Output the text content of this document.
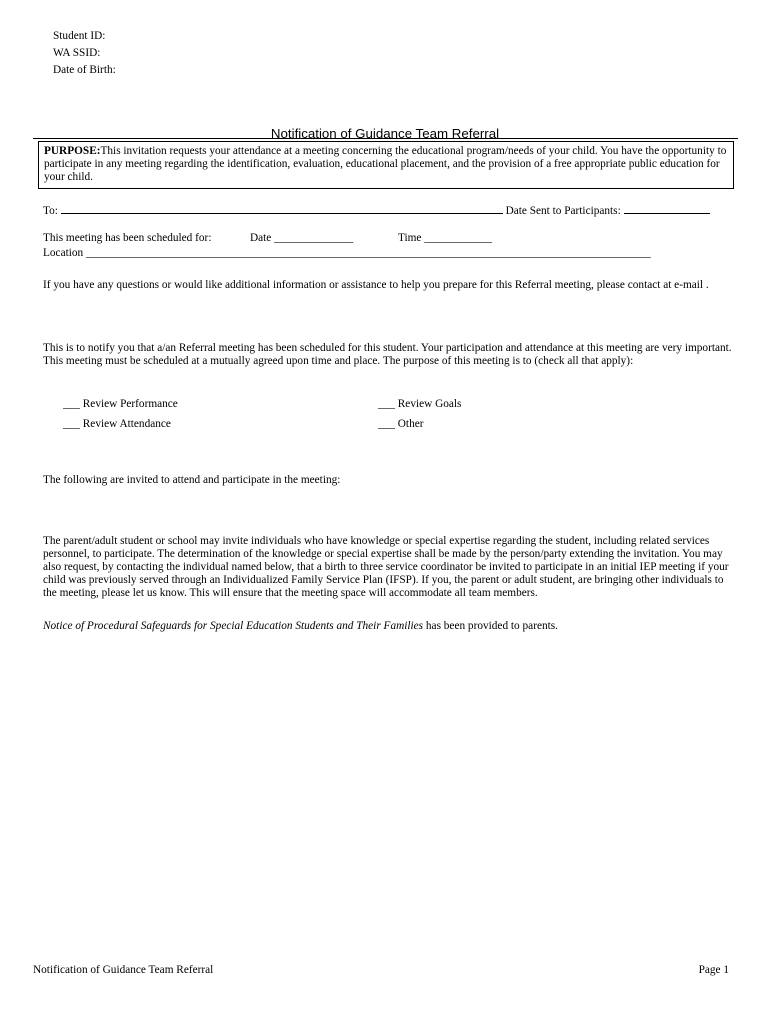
Student ID:
WA SSID:
Date of Birth:
Notification of Guidance Team Referral
PURPOSE:This invitation requests your attendance at a meeting concerning the educational program/needs of your child. You have the opportunity to participate in any meeting regarding the identification, evaluation, educational placement, and the provision of a free appropriate public education for your child.
To:	Date Sent to Participants:
This meeting has been scheduled for:	Date ______________	Time ____________
Location ____________________________________________________________________________________________________
If you have any questions or would like additional information or assistance to help you prepare for this Referral meeting, please contact at e-mail .
This is to notify you that a/an Referral meeting has been scheduled for this student. Your participation and attendance at this meeting are very important. This meeting must be scheduled at a mutually agreed upon time and place. The purpose of this meeting is to (check all that apply):
___ Review Performance
___ Review Attendance
___ Review Goals
___ Other
The following are invited to attend and participate in the meeting:
The parent/adult student or school may invite individuals who have knowledge or special expertise regarding the student, including related services personnel, to participate. The determination of the knowledge or special expertise shall be made by the person/party extending the invitation. You may also request, by contacting the individual named below, that a birth to three service coordinator be invited to participate in an initial IEP meeting if your child was previously served through an Individualized Family Service Plan (IFSP). If you, the parent or adult student, are bringing other individuals to the meeting, please let us know. This will ensure that the meeting space will accommodate all team members.
Notice of Procedural Safeguards for Special Education Students and Their Families has been provided to parents.
Notification of Guidance Team Referral	Page 1
